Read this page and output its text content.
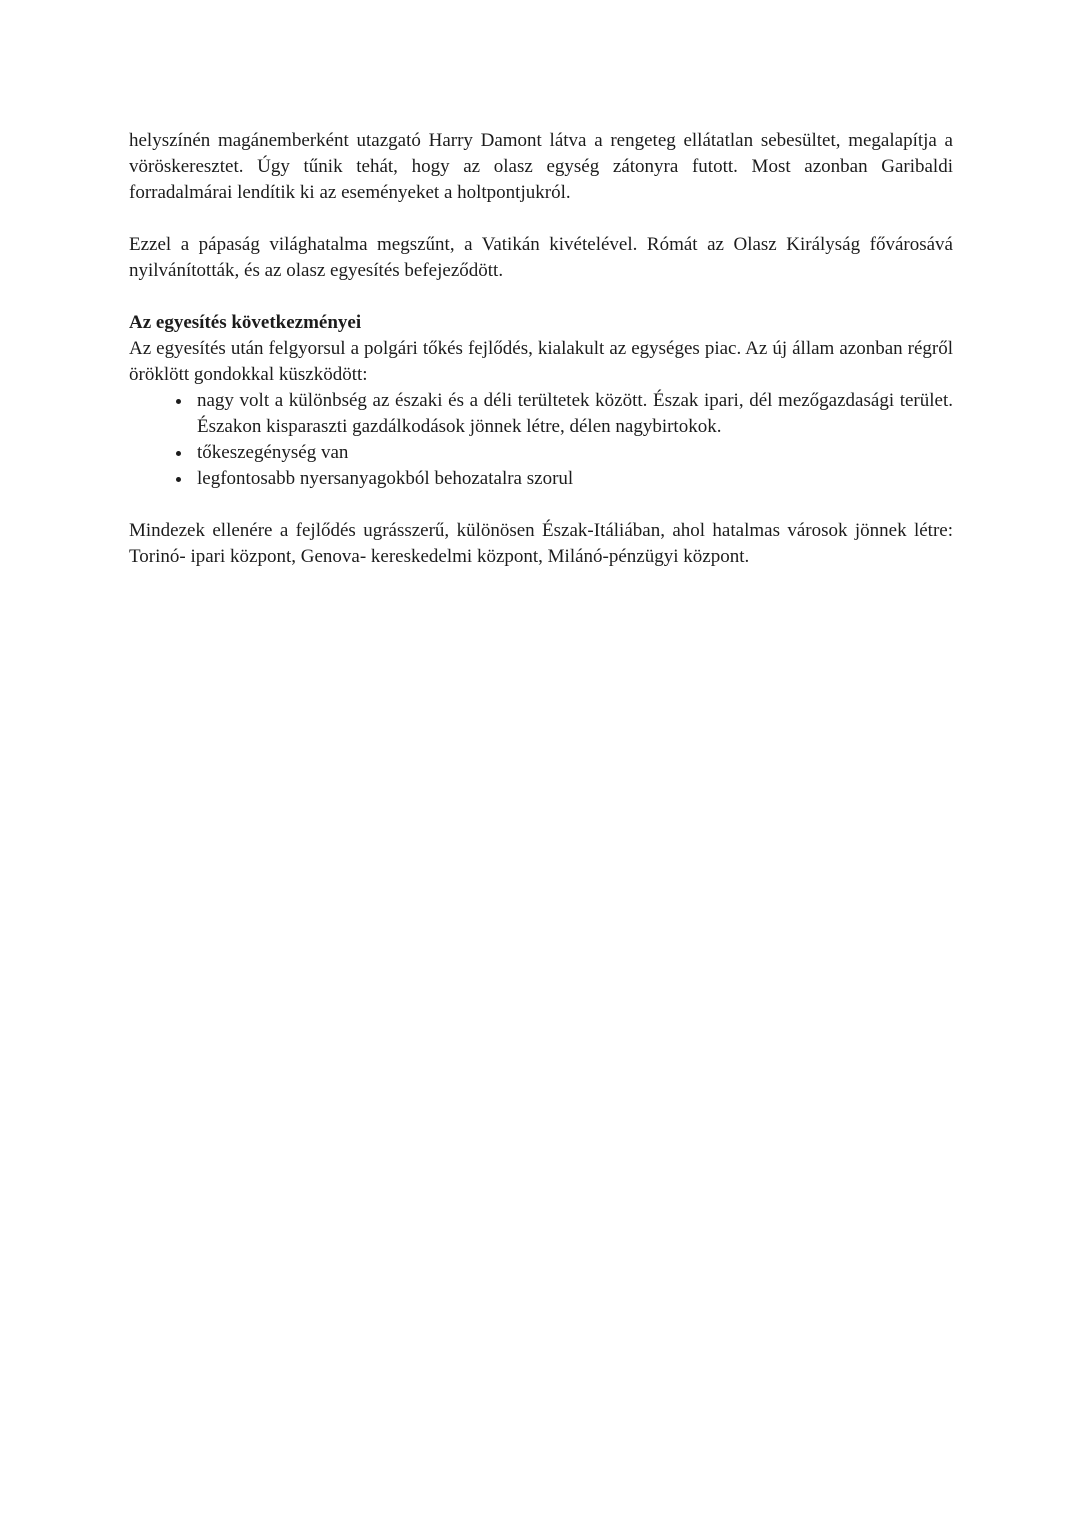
helyszínén magánemberként utazgató Harry Damont látva a rengeteg ellátatlan sebesültet, megalapítja a vöröskeresztet. Úgy tűnik tehát, hogy az olasz egység zátonyra futott. Most azonban Garibaldi forradalmárai lendítik ki az eseményeket a holtpontjukról.

Ezzel a pápaság világhatalma megszűnt, a Vatikán kivételével. Rómát az Olasz Királyság fővárosává nyilvánították, és az olasz egyesítés befejeződött.

Az egyesítés következményei

Az egyesítés után felgyorsul a polgári tőkés fejlődés, kialakult az egységes piac. Az új állam azonban régről öröklött gondokkal küszködött:

• nagy volt a különbség az északi és a déli terültetek között. Észak ipari, dél mezőgazdasági terület. Északon kisparaszti gazdálkodások jönnek létre, délen nagybirtokok.
• tőkeszegénység van
• legfontosabb nyersanyagokból behozatalra szorul

Mindezek ellenére a fejlődés ugrásszerű, különösen Észak-Itáliában, ahol hatalmas városok jönnek létre: Torinó- ipari központ, Genova- kereskedelmi központ, Milánó-pénzügyi központ.
